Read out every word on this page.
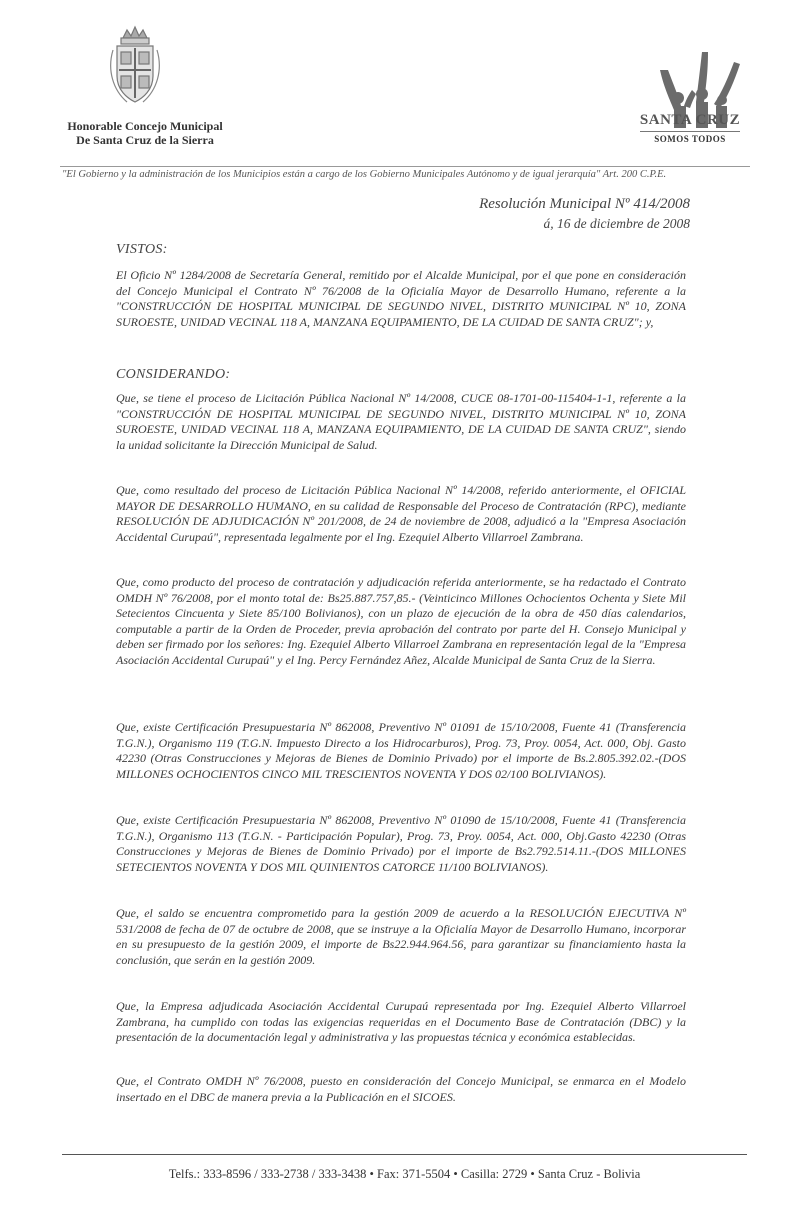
Honorable Concejo Municipal
De Santa Cruz de la Sierra
SANTA CRUZ
SOMOS TODOS
"El Gobierno y la administración de los Municipios están a cargo de los Gobierno Municipales Autónomo y de igual jerarquía" Art. 200 C.P.E.
Resolución Municipal Nº 414/2008
á, 16 de diciembre de 2008
VISTOS:
El Oficio Nº 1284/2008 de Secretaría General, remitido por el Alcalde Municipal, por el que pone en consideración del Concejo Municipal el Contrato Nº 76/2008 de la Oficialía Mayor de Desarrollo Humano, referente a la "CONSTRUCCIÓN DE HOSPITAL MUNICIPAL DE SEGUNDO NIVEL, DISTRITO MUNICIPAL Nº 10, ZONA SUROESTE, UNIDAD VECINAL 118 A, MANZANA EQUIPAMIENTO, DE LA CUIDAD DE SANTA CRUZ"; y,
CONSIDERANDO:
Que, se tiene el proceso de Licitación Pública Nacional Nº 14/2008, CUCE 08-1701-00-115404-1-1, referente a la "CONSTRUCCIÓN DE HOSPITAL MUNICIPAL DE SEGUNDO NIVEL, DISTRITO MUNICIPAL Nº 10, ZONA SUROESTE, UNIDAD VECINAL 118 A, MANZANA EQUIPAMIENTO, DE LA CUIDAD DE SANTA CRUZ", siendo la unidad solicitante la Dirección Municipal de Salud.
Que, como resultado del proceso de Licitación Pública Nacional Nº 14/2008, referido anteriormente, el OFICIAL MAYOR DE DESARROLLO HUMANO, en su calidad de Responsable del Proceso de Contratación (RPC), mediante RESOLUCIÓN DE ADJUDICACIÓN Nº 201/2008, de 24 de noviembre de 2008, adjudicó a la "Empresa Asociación Accidental Curupaú", representada legalmente por el Ing. Ezequiel Alberto Villarroel Zambrana.
Que, como producto del proceso de contratación y adjudicación referida anteriormente, se ha redactado el Contrato OMDH Nº 76/2008, por el monto total de: Bs25.887.757,85.- (Veinticinco Millones Ochocientos Ochenta y Siete Mil Setecientos Cincuenta y Siete 85/100 Bolivianos), con un plazo de ejecución de la obra de 450 días calendarios, computable a partir de la Orden de Proceder, previa aprobación del contrato por parte del H. Consejo Municipal y deben ser firmado por los señores: Ing. Ezequiel Alberto Villarroel Zambrana en representación legal de la "Empresa Asociación Accidental Curupaú" y el Ing. Percy Fernández Añez, Alcalde Municipal de Santa Cruz de la Sierra.
Que, existe Certificación Presupuestaria Nº 862008, Preventivo Nº 01091 de 15/10/2008, Fuente 41 (Transferencia T.G.N.), Organismo 119 (T.G.N. Impuesto Directo a los Hidrocarburos), Prog. 73, Proy. 0054, Act. 000, Obj. Gasto 42230 (Otras Construcciones y Mejoras de Bienes de Dominio Privado) por el importe de Bs.2.805.392.02.-(DOS MILLONES OCHOCIENTOS CINCO MIL TRESCIENTOS NOVENTA Y DOS 02/100 BOLIVIANOS).
Que, existe Certificación Presupuestaria Nº 862008, Preventivo Nº 01090 de 15/10/2008, Fuente 41 (Transferencia T.G.N.), Organismo 113 (T.G.N. - Participación Popular), Prog. 73, Proy. 0054, Act. 000, Obj.Gasto 42230 (Otras Construcciones y Mejoras de Bienes de Dominio Privado) por el importe de Bs2.792.514.11.-(DOS MILLONES SETECIENTOS NOVENTA Y DOS MIL QUINIENTOS CATORCE 11/100 BOLIVIANOS).
Que, el saldo se encuentra comprometido para la gestión 2009 de acuerdo a la RESOLUCIÓN EJECUTIVA Nº 531/2008 de fecha de 07 de octubre de 2008, que se instruye a la Oficialía Mayor de Desarrollo Humano, incorporar en su presupuesto de la gestión 2009, el importe de Bs22.944.964.56, para garantizar su financiamiento hasta la conclusión, que serán en la gestión 2009.
Que, la Empresa adjudicada Asociación Accidental Curupaú representada por Ing. Ezequiel Alberto Villarroel Zambrana, ha cumplido con todas las exigencias requeridas en el Documento Base de Contratación (DBC) y la presentación de la documentación legal y administrativa y las propuestas técnica y económica establecidas.
Que, el Contrato OMDH Nº 76/2008, puesto en consideración del Concejo Municipal, se enmarca en el Modelo insertado en el DBC de manera previa a la Publicación en el SICOES.
Telfs.: 333-8596 / 333-2738 / 333-3438 • Fax: 371-5504 • Casilla: 2729 • Santa Cruz - Bolivia
